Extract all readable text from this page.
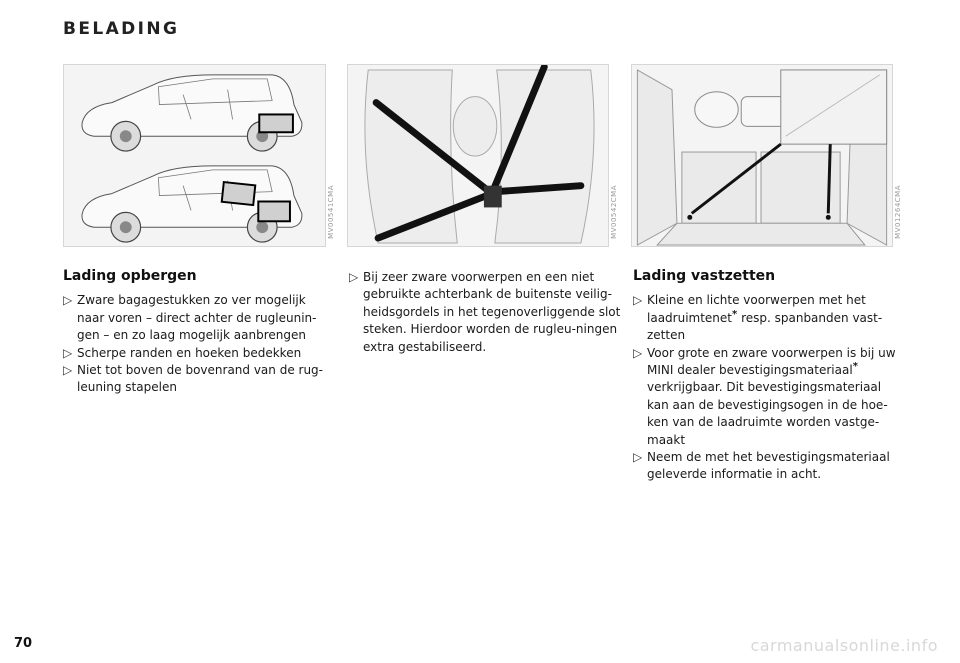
BELADING
MV00541CMA	MV00542CMA	MV01264CMA
Lading opbergen
▷ Zware bagagestukken zo ver mogelijk naar voren – direct achter de rugleunin-gen – en zo laag mogelijk aanbrengen
▷ Scherpe randen en hoeken bedekken
▷ Niet tot boven de bovenrand van de rug-leuning stapelen
▷ Bij zeer zware voorwerpen en een niet gebruikte achterbank de buitenste veilig-heidsgordels in het tegenoverliggende slot steken. Hierdoor worden de rugleu-ningen extra gestabiliseerd.
Lading vastzetten
▷ Kleine en lichte voorwerpen met het laadruimtenet* resp. spanbanden vast-zetten
▷ Voor grote en zware voorwerpen is bij uw MINI dealer bevestigingsmateriaal* verkrijgbaar. Dit bevestigingsmateriaal kan aan de bevestigingsogen in de hoe-ken van de laadruimte worden vastge-maakt
▷ Neem de met het bevestigingsmateriaal geleverde informatie in acht.
70	carmanualsonline.info
